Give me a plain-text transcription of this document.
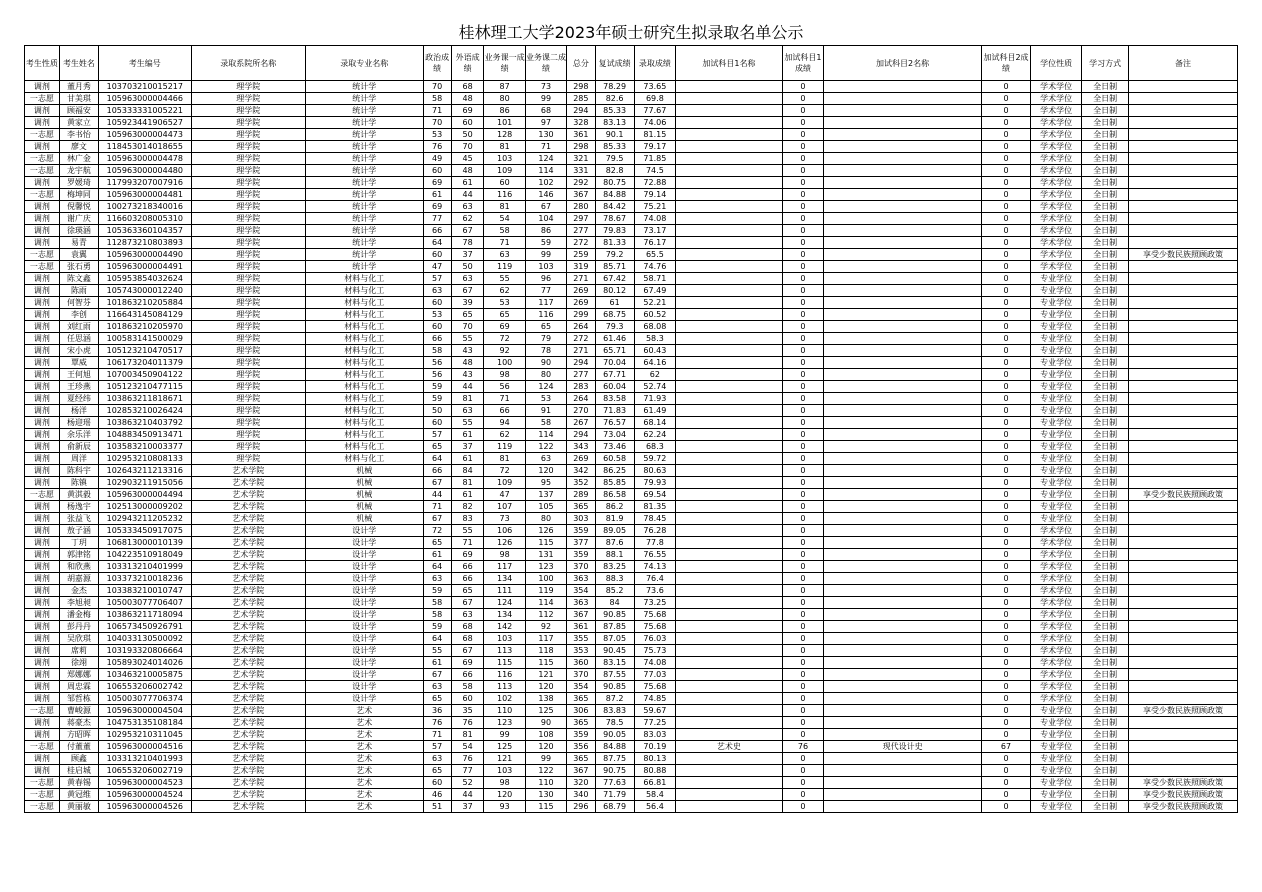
桂林理工大学2023年硕士研究生拟录取名单公示
考生性质	考生姓名	考生编号	录取系院所名称	录取专业名称	政治成绩	外语成绩	业务课一成绩	业务课二成绩	总分	复试成绩	录取成绩	加试科目1名称	加试科目1成绩	加试科目2名称	加试科目2成绩	学位性质	学习方式	备注
调剂	董月秀	103703210015217	理学院	统计学	70	68	87	73	298	78.29	73.65		0		0	学术学位	全日制	
一志愿	甘美琪	105963000004466	理学院	统计学	58	48	80	99	285	82.6	69.8		0		0	学术学位	全日制	
调剂	顾福安	105333331005221	理学院	统计学	71	69	86	68	294	85.33	77.67		0		0	学术学位	全日制	
调剂	黄家立	105923441906527	理学院	统计学	70	60	101	97	328	83.13	74.06		0		0	学术学位	全日制	
一志愿	李书怡	105963000004473	理学院	统计学	53	50	128	130	361	90.1	81.15		0		0	学术学位	全日制	
调剂	廖文	118453014018655	理学院	统计学	76	70	81	71	298	85.33	79.17		0		0	学术学位	全日制	
一志愿	林广金	105963000004478	理学院	统计学	49	45	103	124	321	79.5	71.85		0		0	学术学位	全日制	
一志愿	龙宇航	105963000004480	理学院	统计学	60	48	109	114	331	82.8	74.5		0		0	学术学位	全日制	
调剂	罗媛琦	117993207007916	理学院	统计学	69	61	60	102	292	80.75	72.88		0		0	学术学位	全日制	
一志愿	梅坤同	105963000004481	理学院	统计学	61	44	116	146	367	84.88	79.14		0		0	学术学位	全日制	
调剂	倪馨悦	100273218340016	理学院	统计学	69	63	81	67	280	84.42	75.21		0		0	学术学位	全日制	
调剂	谢广庆	116603208005310	理学院	统计学	77	62	54	104	297	78.67	74.08		0		0	学术学位	全日制	
调剂	徐瑛涵	105363360104357	理学院	统计学	66	67	58	86	277	79.83	73.17		0		0	学术学位	全日制	
调剂	易青	112873210803893	理学院	统计学	64	78	71	59	272	81.33	76.17		0		0	学术学位	全日制	
一志愿	袁翼	105963000004490	理学院	统计学	60	37	63	99	259	79.2	65.5		0		0	学术学位	全日制	享受少数民族照顾政策
一志愿	张石勇	105963000004491	理学院	统计学	47	50	119	103	319	85.71	74.76		0		0	学术学位	全日制	
调剂	陈文鑫	105953854032624	理学院	材料与化工	57	63	55	96	271	67.42	58.71		0		0	专业学位	全日制	
调剂	陈雨	105743000012240	理学院	材料与化工	63	67	62	77	269	80.12	67.49		0		0	专业学位	全日制	
调剂	何智芬	101863210205884	理学院	材料与化工	60	39	53	117	269	61	52.21		0		0	专业学位	全日制	
调剂	李创	116643145084129	理学院	材料与化工	53	65	65	116	299	68.75	60.52		0		0	专业学位	全日制	
调剂	刘红雨	101863210205970	理学院	材料与化工	60	70	69	65	264	79.3	68.08		0		0	专业学位	全日制	
调剂	任思涵	100583141500029	理学院	材料与化工	66	55	72	79	272	61.46	58.3		0		0	专业学位	全日制	
调剂	宋小虎	105123210470517	理学院	材料与化工	58	43	92	78	271	65.71	60.43		0		0	专业学位	全日制	
调剂	覃威	106173204011379	理学院	材料与化工	56	48	100	90	294	70.04	64.16		0		0	专业学位	全日制	
调剂	王何旭	107003450904122	理学院	材料与化工	56	43	98	80	277	67.71	62		0		0	专业学位	全日制	
调剂	王珍燕	105123210477115	理学院	材料与化工	59	44	56	124	283	60.04	52.74		0		0	专业学位	全日制	
调剂	夏经纬	103863211818671	理学院	材料与化工	59	81	71	53	264	83.58	71.93		0		0	专业学位	全日制	
调剂	杨洋	102853210026424	理学院	材料与化工	50	63	66	91	270	71.83	61.49		0		0	专业学位	全日制	
调剂	杨迎瑶	103863210403792	理学院	材料与化工	60	55	94	58	267	76.57	68.14		0		0	专业学位	全日制	
调剂	余乐洋	104883450913471	理学院	材料与化工	57	61	62	114	294	73.04	62.24		0		0	专业学位	全日制	
调剂	俞新辰	103583210003377	理学院	材料与化工	65	37	119	122	343	73.46	68.3		0		0	专业学位	全日制	
调剂	周洋	102953210808133	理学院	材料与化工	64	61	81	63	269	60.58	59.72		0		0	专业学位	全日制	
调剂	陈科宇	102643211213316	艺术学院	机械	66	84	72	120	342	86.25	80.63		0		0	专业学位	全日制	
调剂	陈镇	102903211915056	艺术学院	机械	67	81	109	95	352	85.85	79.93		0		0	专业学位	全日制	
一志愿	黄淇毅	105963000004494	艺术学院	机械	44	61	47	137	289	86.58	69.54		0		0	专业学位	全日制	享受少数民族照顾政策
调剂	杨逸宇	102513000009202	艺术学院	机械	71	82	107	105	365	86.2	81.35		0		0	专业学位	全日制	
调剂	张益飞	102943211205232	艺术学院	机械	67	83	73	80	303	81.9	78.45		0		0	专业学位	全日制	
调剂	敖子涵	105333450917075	艺术学院	设计学	72	55	106	126	359	89.05	76.28		0		0	学术学位	全日制	
调剂	丁玥	106813000010139	艺术学院	设计学	65	71	126	115	377	87.6	77.8		0		0	学术学位	全日制	
调剂	郭津铭	104223510918049	艺术学院	设计学	61	69	98	131	359	88.1	76.55		0		0	学术学位	全日制	
调剂	和欣燕	103313210401999	艺术学院	设计学	64	66	117	123	370	83.25	74.13		0		0	学术学位	全日制	
调剂	胡嘉源	103373210018236	艺术学院	设计学	63	66	134	100	363	88.3	76.4		0		0	学术学位	全日制	
调剂	金杰	103383210010747	艺术学院	设计学	59	65	111	119	354	85.2	73.6		0		0	学术学位	全日制	
调剂	李旭昶	105003077706407	艺术学院	设计学	58	67	124	114	363	84	73.25		0		0	学术学位	全日制	
调剂	潘金梅	103863211718094	艺术学院	设计学	58	63	134	112	367	90.85	75.68		0		0	学术学位	全日制	
调剂	彭丹丹	106573450926791	艺术学院	设计学	59	68	142	92	361	87.85	75.68		0		0	学术学位	全日制	
调剂	吴欣琪	104033130500092	艺术学院	设计学	64	68	103	117	355	87.05	76.03		0		0	学术学位	全日制	
调剂	席莉	103193320806664	艺术学院	设计学	55	67	113	118	353	90.45	75.73		0		0	学术学位	全日制	
调剂	徐翊	105893024014026	艺术学院	设计学	61	69	115	115	360	83.15	74.08		0		0	学术学位	全日制	
调剂	郑娜娜	103463210005875	艺术学院	设计学	67	66	116	121	370	87.55	77.03		0		0	学术学位	全日制	
调剂	周忠霖	106553206002742	艺术学院	设计学	63	58	113	120	354	90.85	75.68		0		0	学术学位	全日制	
调剂	邹哲栋	105003077706374	艺术学院	设计学	65	60	102	138	365	87.2	74.85		0		0	学术学位	全日制	
一志愿	曹峻源	105963000004504	艺术学院	艺术	36	35	110	125	306	83.83	59.67		0		0	专业学位	全日制	享受少数民族照顾政策
调剂	蒋豪杰	104753135108184	艺术学院	艺术	76	76	123	90	365	78.5	77.25		0		0	专业学位	全日制	
调剂	方昭晖	102953210311045	艺术学院	艺术	71	81	99	108	359	90.05	83.03		0		0	专业学位	全日制	
一志愿	付董董	105963000004516	艺术学院	艺术	57	54	125	120	356	84.88	70.19	艺术史	76	现代设计史	67	专业学位	全日制	
调剂	顾鑫	103313210401993	艺术学院	艺术	63	76	121	99	365	87.75	80.13		0		0	专业学位	全日制	
调剂	桂启城	106553206002719	艺术学院	艺术	65	77	103	122	367	90.75	80.88		0		0	专业学位	全日制	
一志愿	黄春锡	105963000004523	艺术学院	艺术	60	52	98	110	320	77.63	66.81		0		0	专业学位	全日制	享受少数民族照顾政策
一志愿	黄冠维	105963000004524	艺术学院	艺术	46	44	120	130	340	71.79	58.4		0		0	专业学位	全日制	享受少数民族照顾政策
一志愿	黄丽敏	105963000004526	艺术学院	艺术	51	37	93	115	296	68.79	56.4		0		0	专业学位	全日制	享受少数民族照顾政策
